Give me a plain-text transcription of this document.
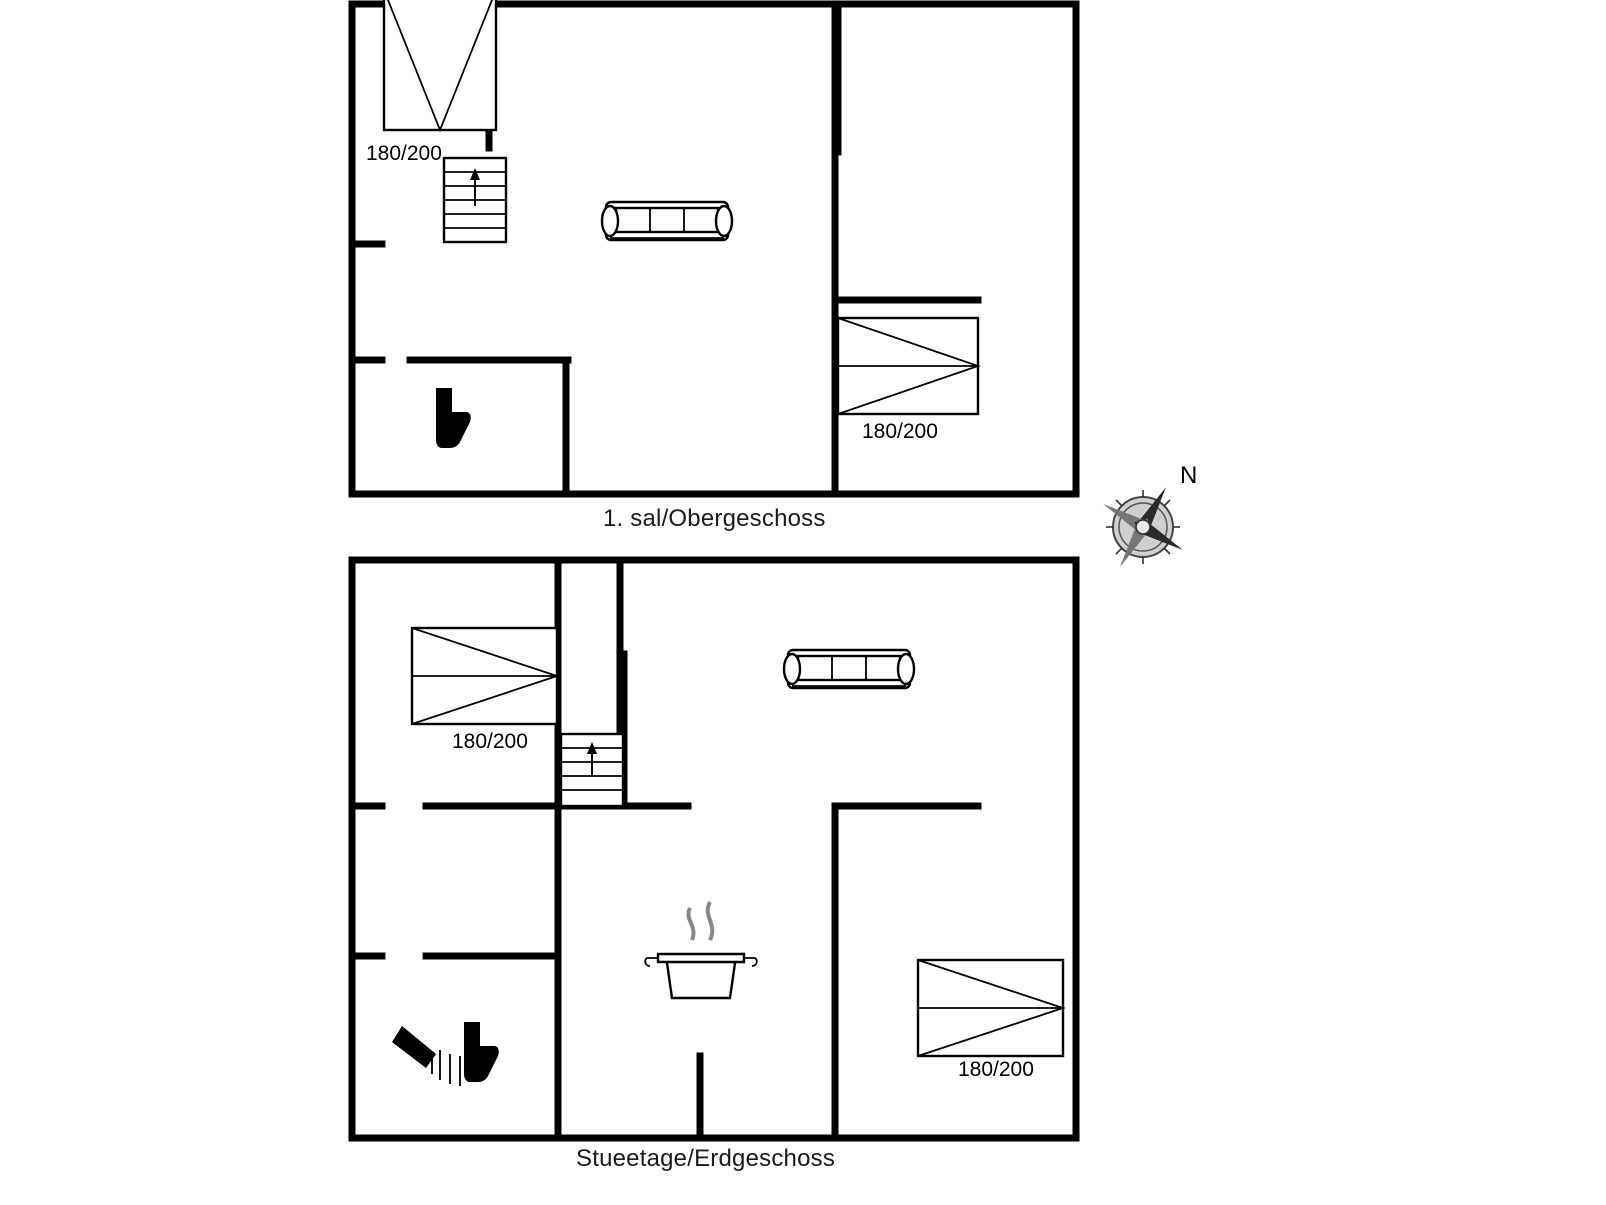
180/200
180/200
1. sal/Obergeschoss
180/200
180/200
Stueetage/Erdgeschoss
N
